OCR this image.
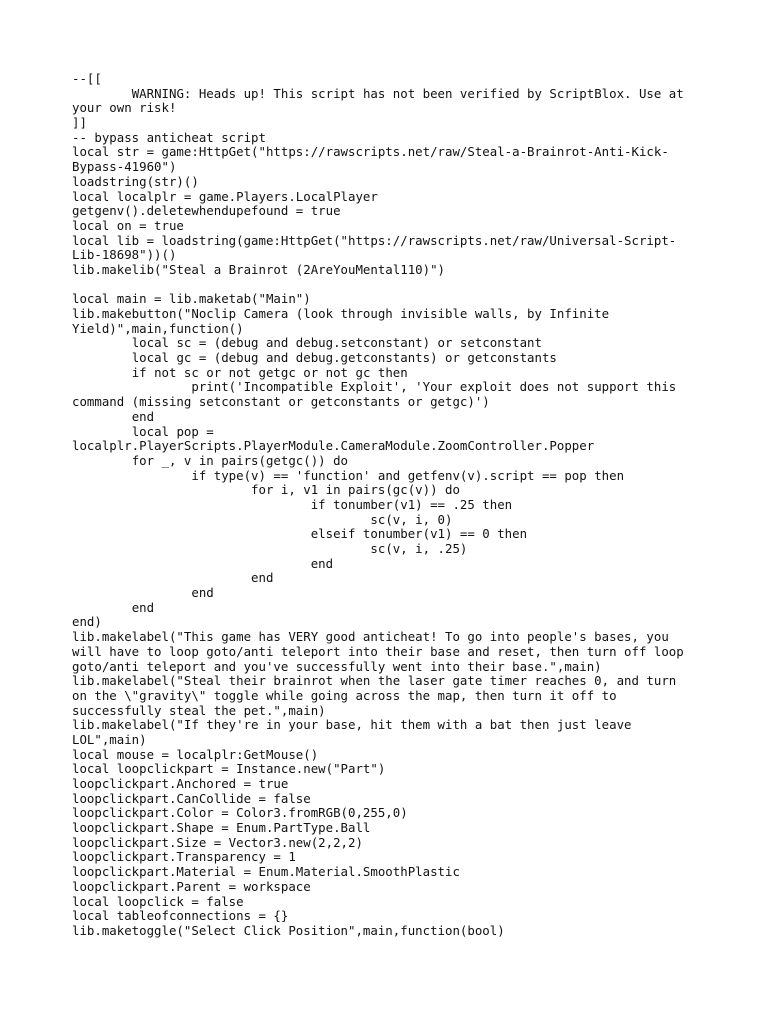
--[[
	WARNING: Heads up! This script has not been verified by ScriptBlox. Use at
your own risk!
]]
-- bypass anticheat script
local str = game:HttpGet("https://rawscripts.net/raw/Steal-a-Brainrot-Anti-Kick-
Bypass-41960")
loadstring(str)()
local localplr = game.Players.LocalPlayer
getgenv().deletewhendupefound = true
local on = true
local lib = loadstring(game:HttpGet("https://rawscripts.net/raw/Universal-Script-
Lib-18698"))()
lib.makelib("Steal a Brainrot (2AreYouMental110)")
local main = lib.maketab("Main")
lib.makebutton("Noclip Camera (look through invisible walls, by Infinite
Yield)",main,function()
	local sc = (debug and debug.setconstant) or setconstant
	local gc = (debug and debug.getconstants) or getconstants
	if not sc or not getgc or not gc then
		print('Incompatible Exploit', 'Your exploit does not support this
command (missing setconstant or getconstants or getgc)')
	end
	local pop =
localplr.PlayerScripts.PlayerModule.CameraModule.ZoomController.Popper
	for _, v in pairs(getgc()) do
		if type(v) == 'function' and getfenv(v).script == pop then
			for i, v1 in pairs(gc(v)) do
				if tonumber(v1) == .25 then
					sc(v, i, 0)
				elseif tonumber(v1) == 0 then
					sc(v, i, .25)
				end
			end
		end
	end
end)
lib.makelabel("This game has VERY good anticheat! To go into people's bases, you
will have to loop goto/anti teleport into their base and reset, then turn off loop
goto/anti teleport and you've successfully went into their base.",main)
lib.makelabel("Steal their brainrot when the laser gate timer reaches 0, and turn
on the \"gravity\" toggle while going across the map, then turn it off to
successfully steal the pet.",main)
lib.makelabel("If they're in your base, hit them with a bat then just leave
LOL",main)
local mouse = localplr:GetMouse()
local loopclickpart = Instance.new("Part")
loopclickpart.Anchored = true
loopclickpart.CanCollide = false
loopclickpart.Color = Color3.fromRGB(0,255,0)
loopclickpart.Shape = Enum.PartType.Ball
loopclickpart.Size = Vector3.new(2,2,2)
loopclickpart.Transparency = 1
loopclickpart.Material = Enum.Material.SmoothPlastic
loopclickpart.Parent = workspace
local loopclick = false
local tableofconnections = {}
lib.maketoggle("Select Click Position",main,function(bool)
